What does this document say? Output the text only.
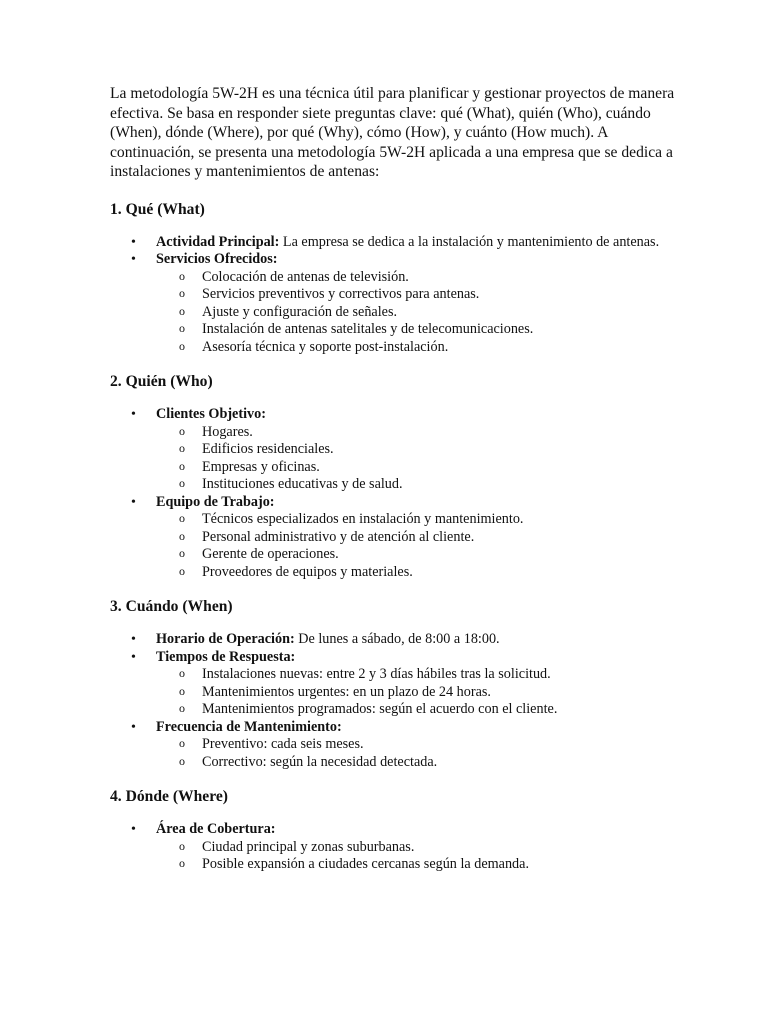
La metodología 5W-2H es una técnica útil para planificar y gestionar proyectos de manera efectiva. Se basa en responder siete preguntas clave: qué (What), quién (Who), cuándo (When), dónde (Where), por qué (Why), cómo (How), y cuánto (How much). A continuación, se presenta una metodología 5W-2H aplicada a una empresa que se dedica a instalaciones y mantenimientos de antenas:

1. Qué (What)
• Actividad Principal: La empresa se dedica a la instalación y mantenimiento de antenas.
• Servicios Ofrecidos:
o Colocación de antenas de televisión.
o Servicios preventivos y correctivos para antenas.
o Ajuste y configuración de señales.
o Instalación de antenas satelitales y de telecomunicaciones.
o Asesoría técnica y soporte post-instalación.
2. Quién (Who)
• Clientes Objetivo:
o Hogares.
o Edificios residenciales.
o Empresas y oficinas.
o Instituciones educativas y de salud.
• Equipo de Trabajo:
o Técnicos especializados en instalación y mantenimiento.
o Personal administrativo y de atención al cliente.
o Gerente de operaciones.
o Proveedores de equipos y materiales.
3. Cuándo (When)
• Horario de Operación: De lunes a sábado, de 8:00 a 18:00.
• Tiempos de Respuesta:
o Instalaciones nuevas: entre 2 y 3 días hábiles tras la solicitud.
o Mantenimientos urgentes: en un plazo de 24 horas.
o Mantenimientos programados: según el acuerdo con el cliente.
• Frecuencia de Mantenimiento:
o Preventivo: cada seis meses.
o Correctivo: según la necesidad detectada.
4. Dónde (Where)
• Área de Cobertura:
o Ciudad principal y zonas suburbanas.
o Posible expansión a ciudades cercanas según la demanda.
